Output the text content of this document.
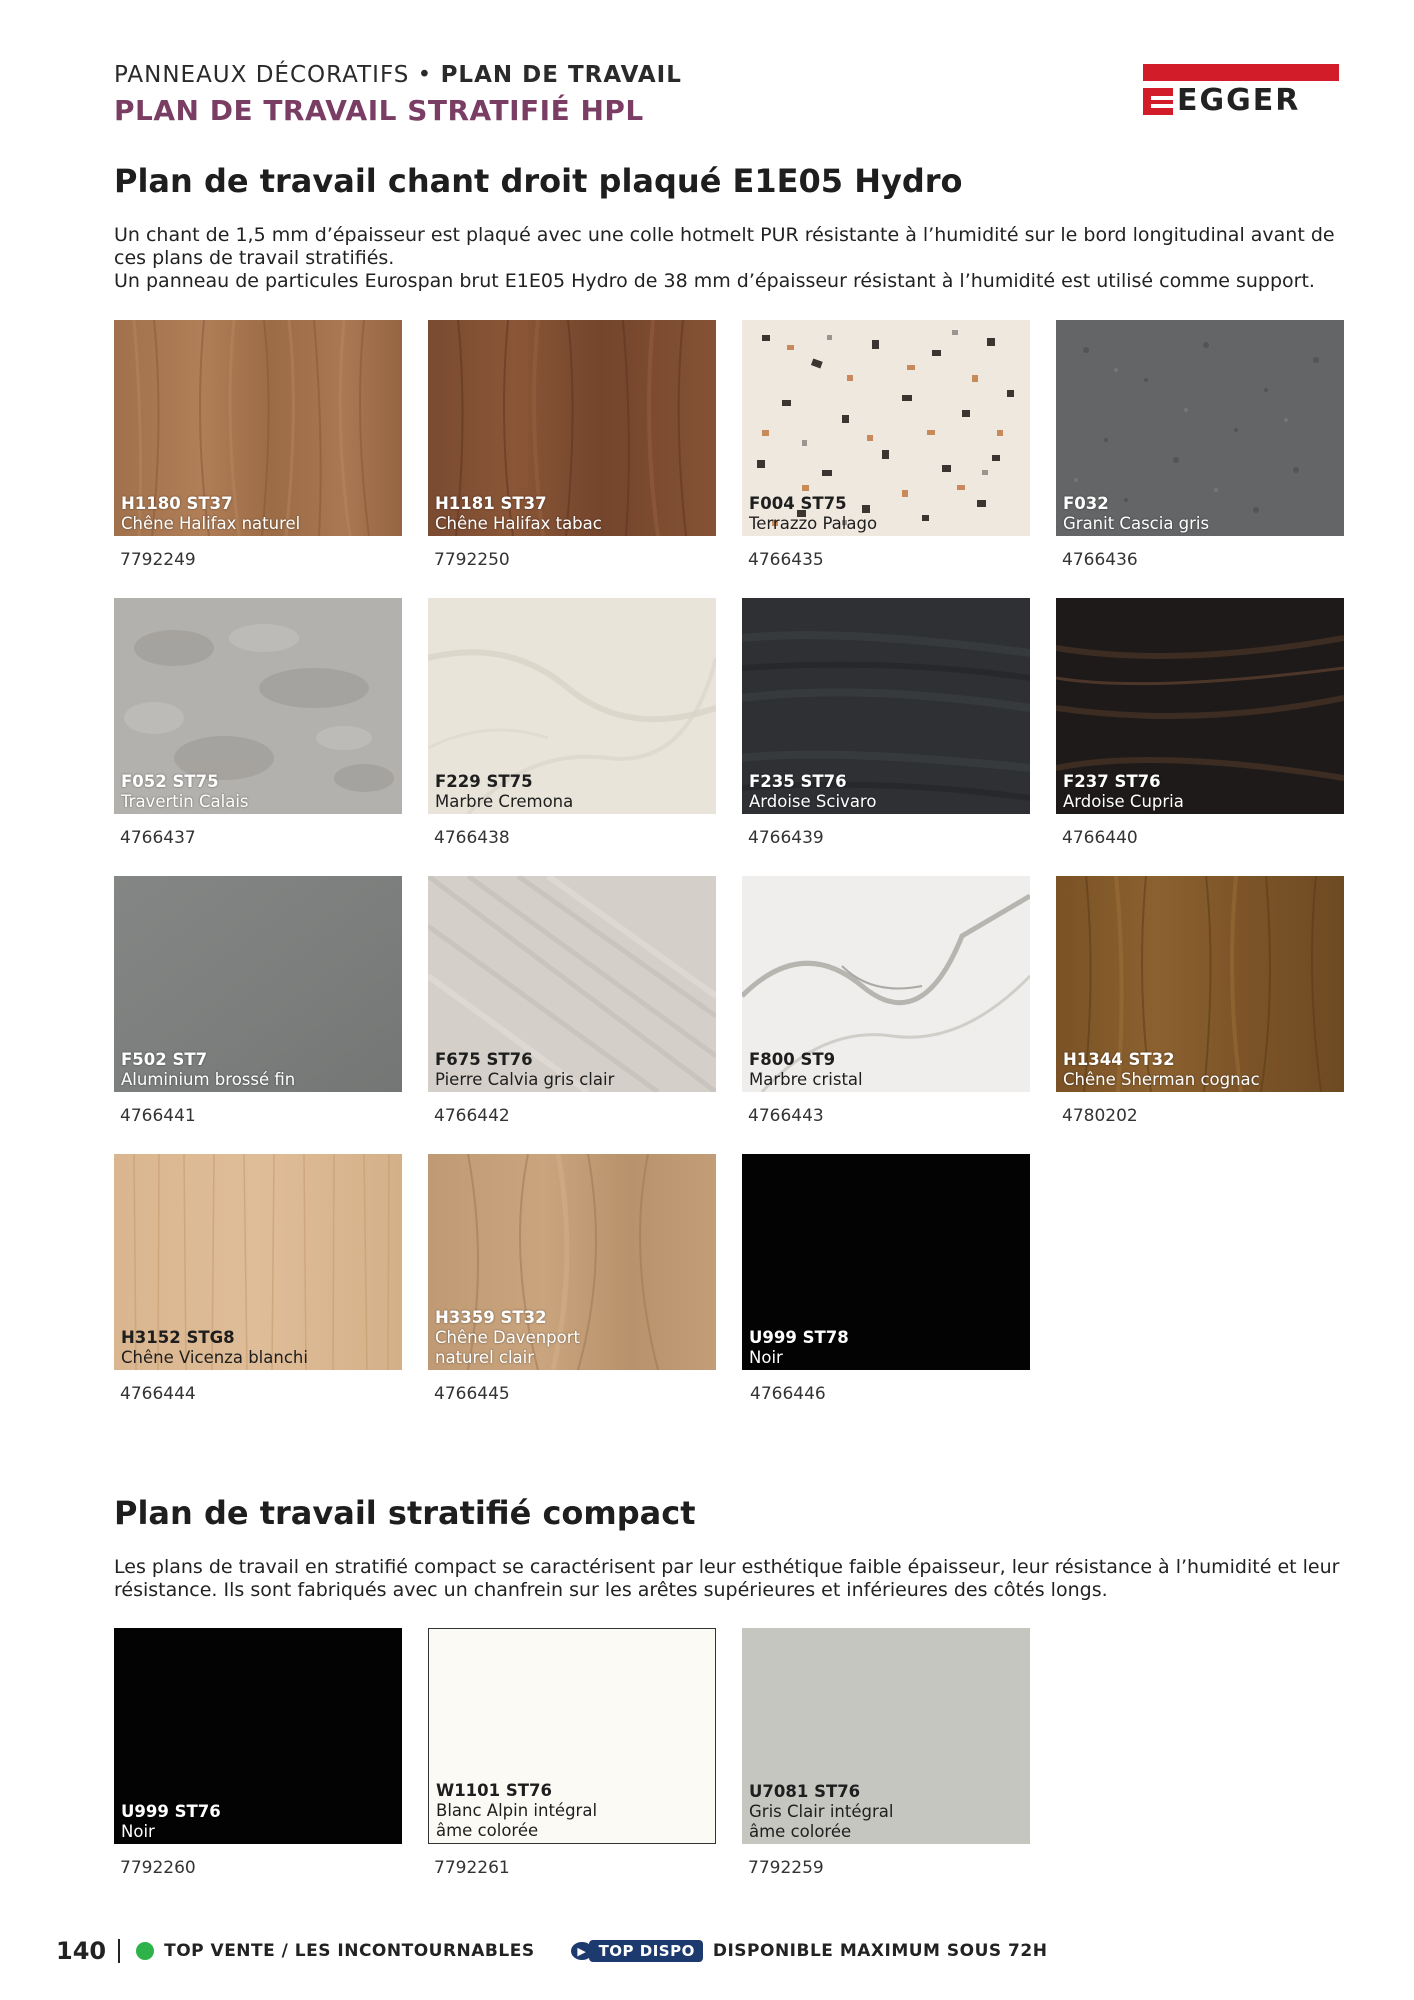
PANNEAUX DÉCORATIFS • PLAN DE TRAVAIL
PLAN DE TRAVAIL STRATIFIÉ HPL	EGGER
Plan de travail chant droit plaqué E1E05 Hydro

Un chant de 1,5 mm d’épaisseur est plaqué avec une colle hotmelt PUR résistante à l’humidité sur le bord longitudinal avant de ces plans de travail stratifiés.

Un panneau de particules Eurospan brut E1E05 Hydro de 38 mm d’épaisseur résistant à l’humidité est utilisé comme support.

H1180 ST37
Chêne Halifax naturel
7792249
H1181 ST37
Chêne Halifax tabac
7792250
F004 ST75
Terrazzo Palago
4766435
F032
Granit Cascia gris
4766436
F052 ST75
Travertin Calais
4766437
F229 ST75
Marbre Cremona
4766438
F235 ST76
Ardoise Scivaro
4766439
F237 ST76
Ardoise Cupria
4766440
F502 ST7
Aluminium brossé fin
4766441
F675 ST76
Pierre Calvia gris clair
4766442
F800 ST9
Marbre cristal
4766443
H1344 ST32
Chêne Sherman cognac
4780202
H3152 STG8
Chêne Vicenza blanchi
4766444
H3359 ST32
Chêne Davenport
naturel clair
4766445
U999 ST78
Noir
4766446
Plan de travail stratifié compact

Les plans de travail en stratifié compact se caractérisent par leur esthétique faible épaisseur, leur résistance à l’humidité et leur résistance. Ils sont fabriqués avec un chanfrein sur les arêtes supérieures et inférieures des côtés longs.

U999 ST76
Noir
7792260
W1101 ST76
Blanc Alpin intégral
âme colorée
7792261
U7081 ST76
Gris Clair intégral
âme colorée
7792259
140	TOP VENTE / LES INCONTOURNABLES	▶ TOP DISPO	DISPONIBLE MAXIMUM SOUS 72H
